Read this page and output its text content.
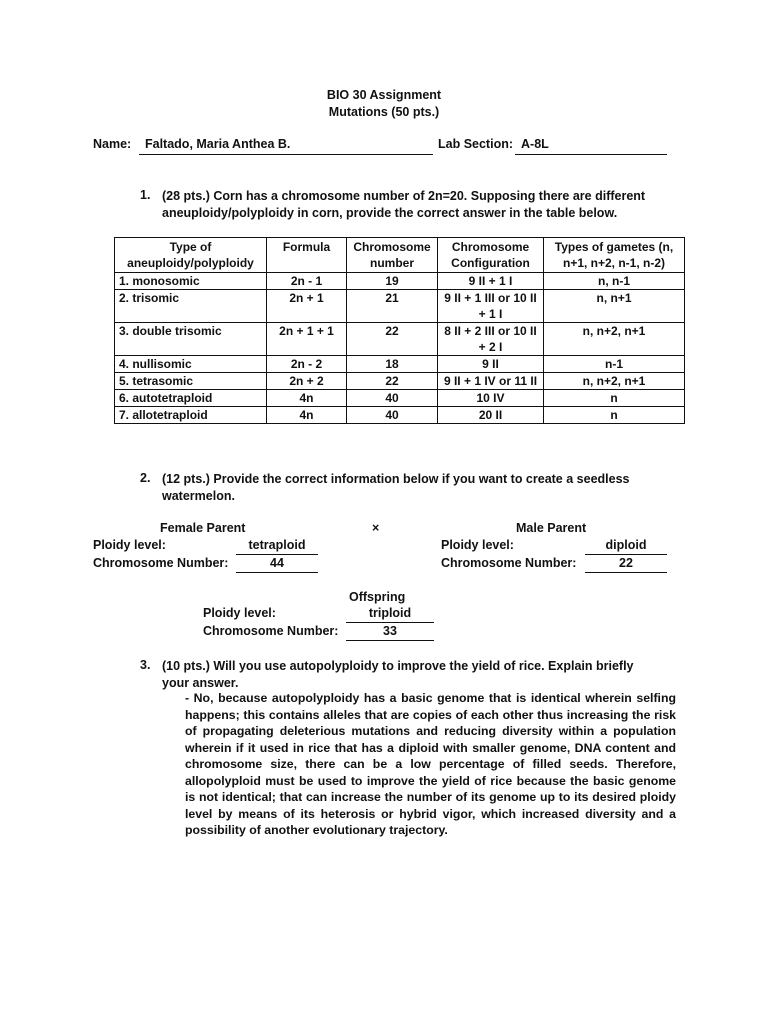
BIO 30 Assignment
Mutations (50 pts.)
Name:	Faltado, Maria Anthea B.	Lab Section: A-8L
1. (28 pts.) Corn has a chromosome number of 2n=20. Supposing there are different aneuploidy/polyploidy in corn, provide the correct answer in the table below.
Type of aneuploidy/polyploidy	Formula	Chromosome number	Chromosome Configuration	Types of gametes (n, n+1, n+2, n-1, n-2)
1. monosomic	2n - 1	19	9 II + 1 I	n, n-1
2. trisomic	2n + 1	21	9 II + 1 III or 10 II + 1 I	n, n+1
3. double trisomic	2n + 1 + 1	22	8 II + 2 III or 10 II + 2 I	n, n+2, n+1
4. nullisomic	2n - 2	18	9 II	n-1
5. tetrasomic	2n + 2	22	9 II + 1 IV or 11 II	n, n+2, n+1
6. autotetraploid	4n	40	10 IV	n
7. allotetraploid	4n	40	20 II	n
2. (12 pts.) Provide the correct information below if you want to create a seedless watermelon.
Female Parent	×	Male Parent
Ploidy level:	tetraploid
Chromosome Number:	44
Ploidy level:	diploid
Chromosome Number:	22
Offspring
Ploidy level:	triploid
Chromosome Number:	33
3. (10 pts.) Will you use autopolyploidy to improve the yield of rice. Explain briefly your answer.
- No, because autopolyploidy has a basic genome that is identical wherein selfing happens; this contains alleles that are copies of each other thus increasing the risk of propagating deleterious mutations and reducing diversity within a population wherein if it used in rice that has a diploid with smaller genome, DNA content and chromosome size, there can be a low percentage of filled seeds. Therefore, allopolyploid must be used to improve the yield of rice because the basic genome is not identical; that can increase the number of its genome up to its desired ploidy level by means of its heterosis or hybrid vigor, which increased diversity and a possibility of another evolutionary trajectory.
